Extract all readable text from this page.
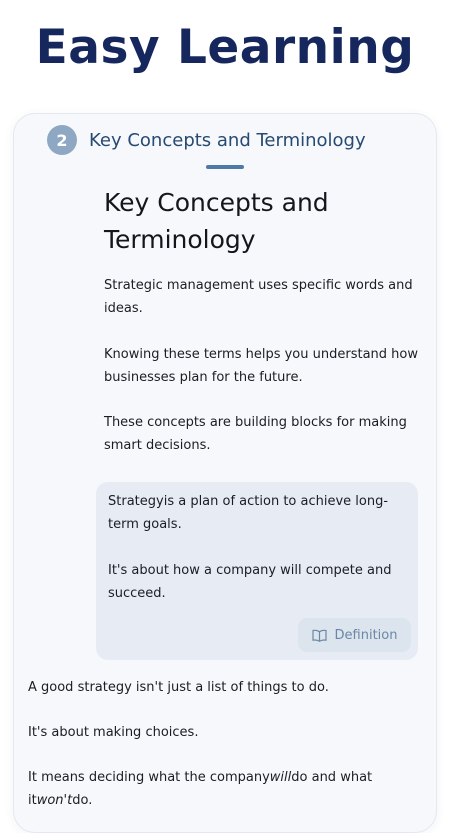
Easy Learning
2	Key Concepts and Terminology
Key Concepts and Terminology
Strategic management uses specific words and ideas.
Knowing these terms helps you understand how businesses plan for the future.
These concepts are building blocks for making smart decisions.
Strategyis a plan of action to achieve long-term goals.
It's about how a company will compete and succeed.
Definition
A good strategy isn't just a list of things to do.
It's about making choices.
It means deciding what the companywilldo and what itwon'tdo.
